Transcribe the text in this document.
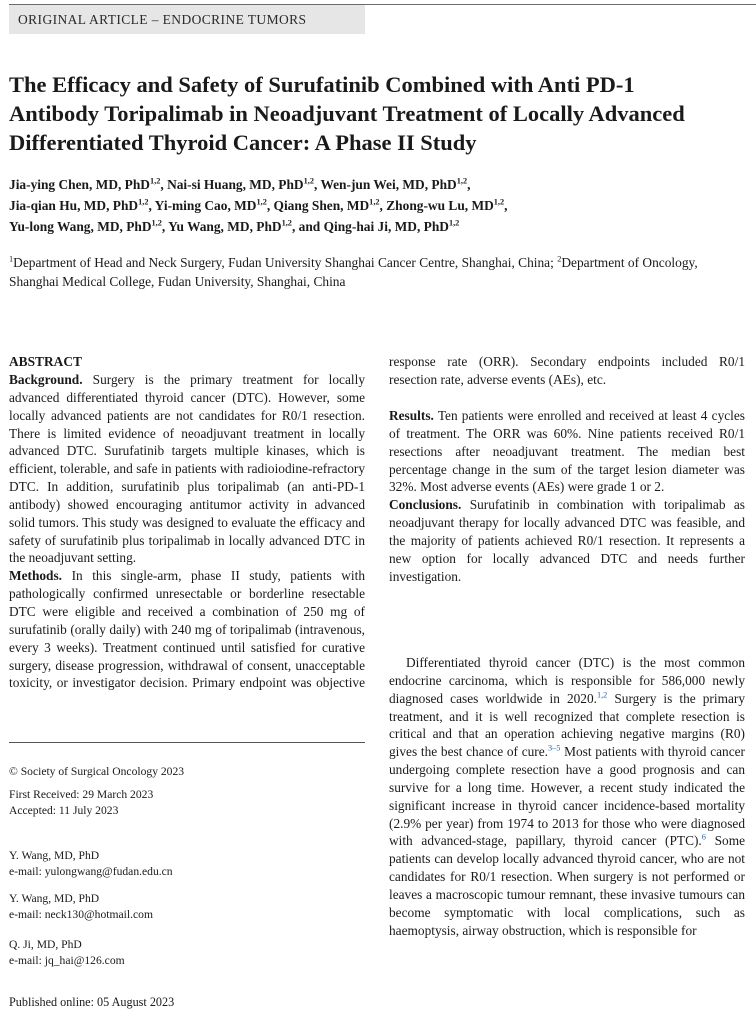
ORIGINAL ARTICLE – ENDOCRINE TUMORS
The Efficacy and Safety of Surufatinib Combined with Anti PD-1 Antibody Toripalimab in Neoadjuvant Treatment of Locally Advanced Differentiated Thyroid Cancer: A Phase II Study

Jia-ying Chen, MD, PhD$^{1,2}$, Nai-si Huang, MD, PhD$^{1,2}$, Wen-jun Wei, MD, PhD$^{1,2}$,
Jia-qian Hu, MD, PhD$^{1,2}$, Yi-ming Cao, MD$^{1,2}$, Qiang Shen, MD$^{1,2}$, Zhong-wu Lu, MD$^{1,2}$,
Yu-long Wang, MD, PhD$^{1,2}$, Yu Wang, MD, PhD$^{1,2}$, and Qing-hai Ji, MD, PhD$^{1,2}$

$^1$Department of Head and Neck Surgery, Fudan University Shanghai Cancer Centre, Shanghai, China; $^2$Department of Oncology, Shanghai Medical College, Fudan University, Shanghai, China

ABSTRACT

Background. Surgery is the primary treatment for locally advanced differentiated thyroid cancer (DTC). However, some locally advanced patients are not candidates for R0/1 resection. There is limited evidence of neoadjuvant treatment in locally advanced DTC. Surufatinib targets multiple kinases, which is efficient, tolerable, and safe in patients with radioiodine-refractory DTC. In addition, surufatinib plus toripalimab (an anti-PD-1 antibody) showed encouraging antitumor activity in advanced solid tumors. This study was designed to evaluate the efficacy and safety of surufatinib plus toripalimab in locally advanced DTC in the neoadjuvant setting.

Methods. In this single-arm, phase II study, patients with pathologically confirmed unresectable or borderline resectable DTC were eligible and received a combination of 250 mg of surufatinib (orally daily) with 240 mg of toripalimab (intravenous, every 3 weeks). Treatment continued until satisfied for curative surgery, disease progression, withdrawal of consent, unacceptable toxicity, or investigator decision. Primary endpoint was objective

response rate (ORR). Secondary endpoints included R0/1 resection rate, adverse events (AEs), etc.

Results. Ten patients were enrolled and received at least 4 cycles of treatment. The ORR was 60%. Nine patients received R0/1 resections after neoadjuvant treatment. The median best percentage change in the sum of the target lesion diameter was 32%. Most adverse events (AEs) were grade 1 or 2.

Conclusions. Surufatinib in combination with toripalimab as neoadjuvant therapy for locally advanced DTC was feasible, and the majority of patients achieved R0/1 resection. It represents a new option for locally advanced DTC and needs further investigation.

Differentiated thyroid cancer (DTC) is the most common endocrine carcinoma, which is responsible for 586,000 newly diagnosed cases worldwide in 2020.$^{1,2}$ Surgery is the primary treatment, and it is well recognized that complete resection is critical and that an operation achieving negative margins (R0) gives the best chance of cure.$^{3-5}$ Most patients with thyroid cancer undergoing complete resection have a good prognosis and can survive for a long time. However, a recent study indicated the significant increase in thyroid cancer incidence-based mortality (2.9% per year) from 1974 to 2013 for those who were diagnosed with advanced-stage, papillary, thyroid cancer (PTC).$^6$ Some patients can develop locally advanced thyroid cancer, who are not candidates for R0/1 resection. When surgery is not performed or leaves a macroscopic tumour remnant, these invasive tumours can become symptomatic with local complications, such as haemoptysis, airway obstruction, which is responsible for

© Society of Surgical Oncology 2023

First Received: 29 March 2023

Accepted: 11 July 2023

Y. Wang, MD, PhD

e-mail: yulongwang@fudan.edu.cn

Y. Wang, MD, PhD

e-mail: neck130@hotmail.com

Q. Ji, MD, PhD

e-mail: jq_hai@126.com

Published online: 05 August 2023
